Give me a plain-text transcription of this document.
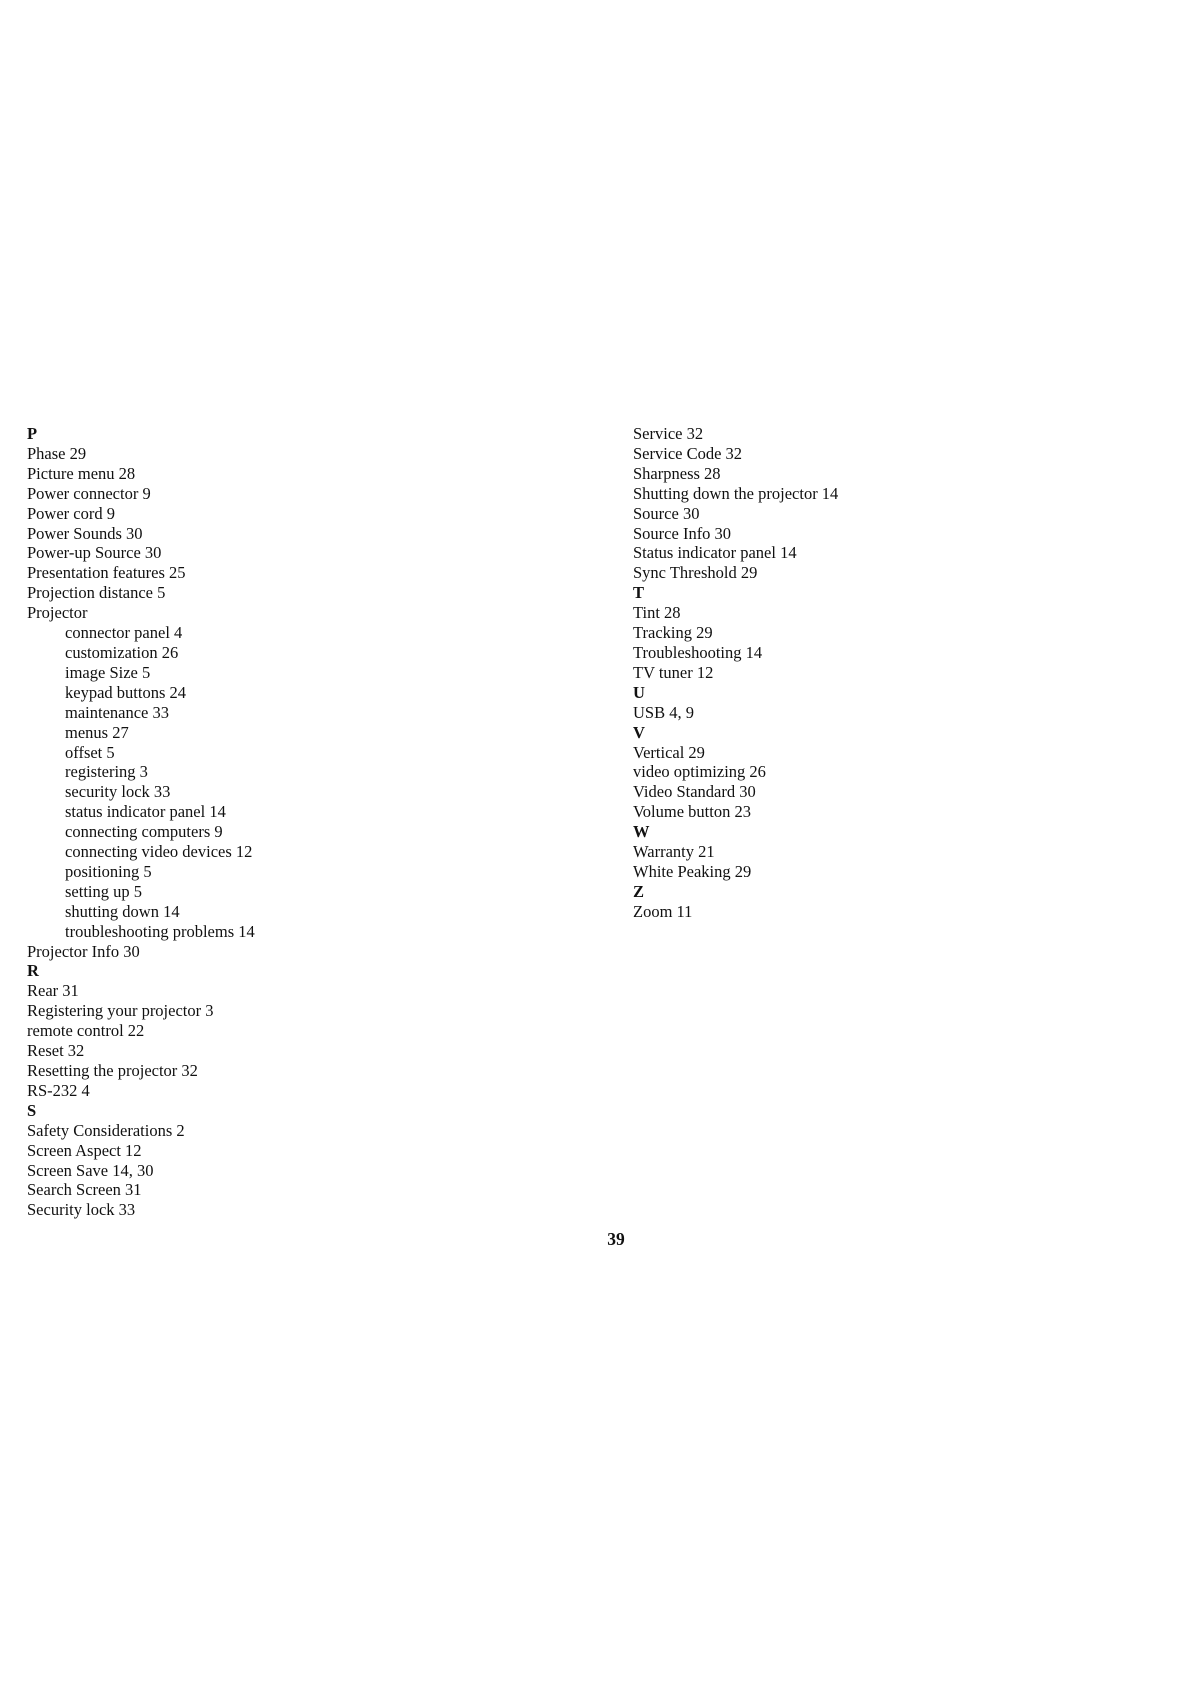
P
Phase 29
Picture menu 28
Power connector 9
Power cord 9
Power Sounds 30
Power-up Source 30
Presentation features 25
Projection distance 5
Projector
connector panel 4
customization 26
image Size 5
keypad buttons 24
maintenance 33
menus 27
offset 5
registering 3
security lock 33
status indicator panel 14
connecting computers 9
connecting video devices 12
positioning 5
setting up 5
shutting down 14
troubleshooting problems 14
Projector Info 30
R
Rear 31
Registering your projector 3
remote control 22
Reset 32
Resetting the projector 32
RS-232 4
S
Safety Considerations 2
Screen Aspect 12
Screen Save 14, 30
Search Screen 31
Security lock 33
Service 32
Service Code 32
Sharpness 28
Shutting down the projector 14
Source 30
Source Info 30
Status indicator panel 14
Sync Threshold 29
T
Tint 28
Tracking 29
Troubleshooting 14
TV tuner 12
U
USB 4, 9
V
Vertical 29
video optimizing 26
Video Standard 30
Volume button 23
W
Warranty 21
White Peaking 29
Z
Zoom 11
39
